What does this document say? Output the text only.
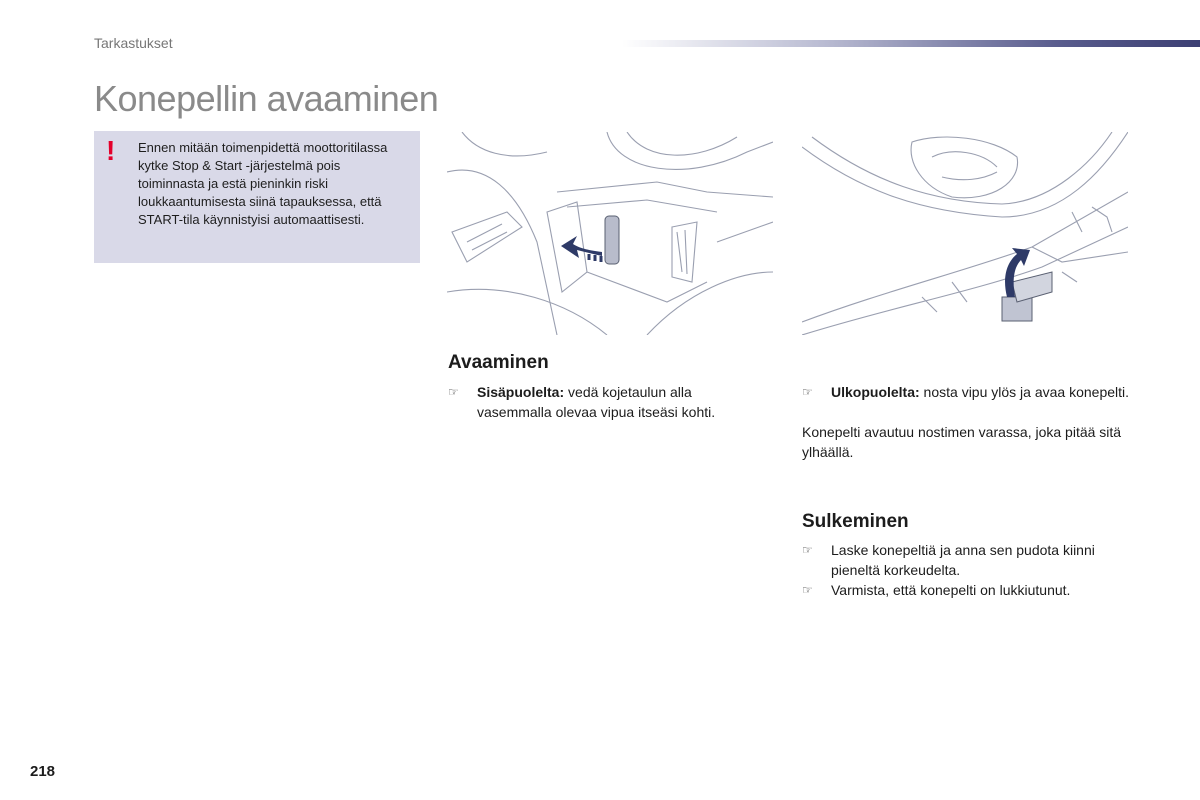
Tarkastukset
Konepellin avaaminen
! Ennen mitään toimenpidettä moottoritilassa kytke Stop & Start -järjestelmä pois toiminnasta ja estä pieninkin riski loukkaantumisesta siinä tapauksessa, että START-tila käynnistyisi automaattisesti.
Avaaminen
☞ Sisäpuolelta: vedä kojetaulun alla vasemmalla olevaa vipua itseäsi kohti.
☞ Ulkopuolelta: nosta vipu ylös ja avaa konepelti.
Konepelti avautuu nostimen varassa, joka pitää sitä ylhäällä.
Sulkeminen
☞ Laske konepeltiä ja anna sen pudota kiinni pieneltä korkeudelta.
☞ Varmista, että konepelti on lukkiutunut.
218
